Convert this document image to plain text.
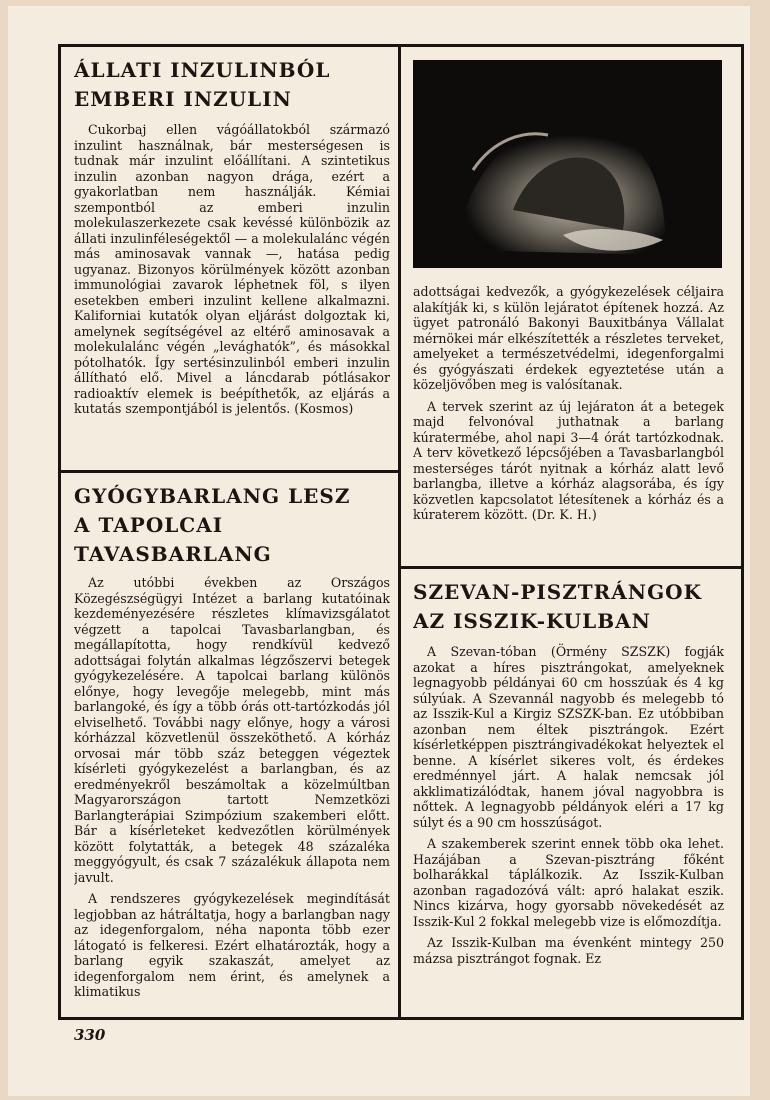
ÁLLATI INZULINBÓL
EMBERI INZULIN

Cukorbaj ellen vágóállatokból származó inzulint használnak, bár mesterségesen is tudnak már inzulint előállítani. A szintetikus inzulin azonban nagyon drága, ezért a gyakorlatban nem használják. Kémiai szempontból az emberi inzulin molekulaszerkezete csak kevéssé különbözik az állati inzulinféleségektől — a molekulalánc végén más aminosavak vannak —, hatása pedig ugyanaz. Bizonyos körülmények között azonban immunológiai zavarok léphetnek föl, s ilyen esetekben emberi inzulint kellene alkalmazni. Kaliforniai kutatók olyan eljárást dolgoztak ki, amelynek segítségével az eltérő aminosavak a molekulalánc végén „levághatók”, és másokkal pótolhatók. Így sertésinzulinból emberi inzulin állítható elő. Mivel a láncdarab pótlásakor radioaktív elemek is beépíthetők, az eljárás a kutatás szempontjából is jelentős. (Kosmos)

GYÓGYBARLANG LESZ
A TAPOLCAI
TAVASBARLANG

Az utóbbi években az Országos Közegészségügyi Intézet a barlang kutatóinak kezdeményezésére részletes klímavizsgálatot végzett a tapolcai Tavasbarlangban, és megállapította, hogy rendkívül kedvező adottságai folytán alkalmas légzőszervi betegek gyógykezelésére. A tapolcai barlang különös előnye, hogy levegője melegebb, mint más barlangoké, és így a több órás ott-tartózkodás jól elviselhető. További nagy előnye, hogy a városi kórházzal közvetlenül összeköthető. A kórház orvosai már több száz beteggen végeztek kísérleti gyógykezelést a barlangban, és az eredményekről beszámoltak a közelmúltban Magyarországon tartott Nemzetközi Barlangterápiai Szimpózium szakemberi előtt. Bár a kísérleteket kedvezőtlen körülmények között folytatták, a betegek 48 százaléka meggyógyult, és csak 7 százalékuk állapota nem javult.

A rendszeres gyógykezelések megindítását legjobban az hátráltatja, hogy a barlangban nagy az idegenforgalom, néha naponta több ezer látogató is felkeresi. Ezért elhatározták, hogy a barlang egyik szakaszát, amelyet az idegenforgalom nem érint, és amelynek a klimatikus

adottságai kedvezők, a gyógykezelések céljaira alakítják ki, s külön lejáratot építenek hozzá. Az ügyet patronáló Bakonyi Bauxitbánya Vállalat mérnökei már elkészítették a részletes terveket, amelyeket a természetvédelmi, idegenforgalmi és gyógyászati érdekek egyeztetése után a közeljövőben meg is valósítanak.

A tervek szerint az új lejáraton át a betegek majd felvonóval juthatnak a barlang kúratermébe, ahol napi 3—4 órát tartózkodnak. A terv következő lépcsőjében a Tavasbarlangból mesterséges tárót nyitnak a kórház alatt levő barlangba, illetve a kórház alagsorába, és így közvetlen kapcsolatot létesítenek a kórház és a kúraterem között. (Dr. K. H.)

SZEVAN-PISZTRÁNGOK
AZ ISSZIK-KULBAN

A Szevan-tóban (Örmény SZSZK) fogják azokat a híres pisztrángokat, amelyeknek legnagyobb példányai 60 cm hosszúak és 4 kg súlyúak. A Szevannál nagyobb és melegebb tó az Isszik-Kul a Kirgiz SZSZK-ban. Ez utóbbiban azonban nem éltek pisztrángok. Ezért kísérletképpen pisztrángivadékokat helyeztek el benne. A kísérlet sikeres volt, és érdekes eredménnyel járt. A halak nemcsak jól akklimatizálódtak, hanem jóval nagyobbra is nőttek. A legnagyobb példányok eléri a 17 kg súlyt és a 90 cm hosszúságot.

A szakemberek szerint ennek több oka lehet. Hazájában a Szevan-pisztráng főként bolharákkal táplálkozik. Az Isszik-Kulban azonban ragadozóvá vált: apró halakat eszik. Nincs kizárva, hogy gyorsabb növekedését az Isszik-Kul 2 fokkal melegebb vize is előmozdítja.

Az Isszik-Kulban ma évenként mintegy 250 mázsa pisztrángot fognak. Ez

330
